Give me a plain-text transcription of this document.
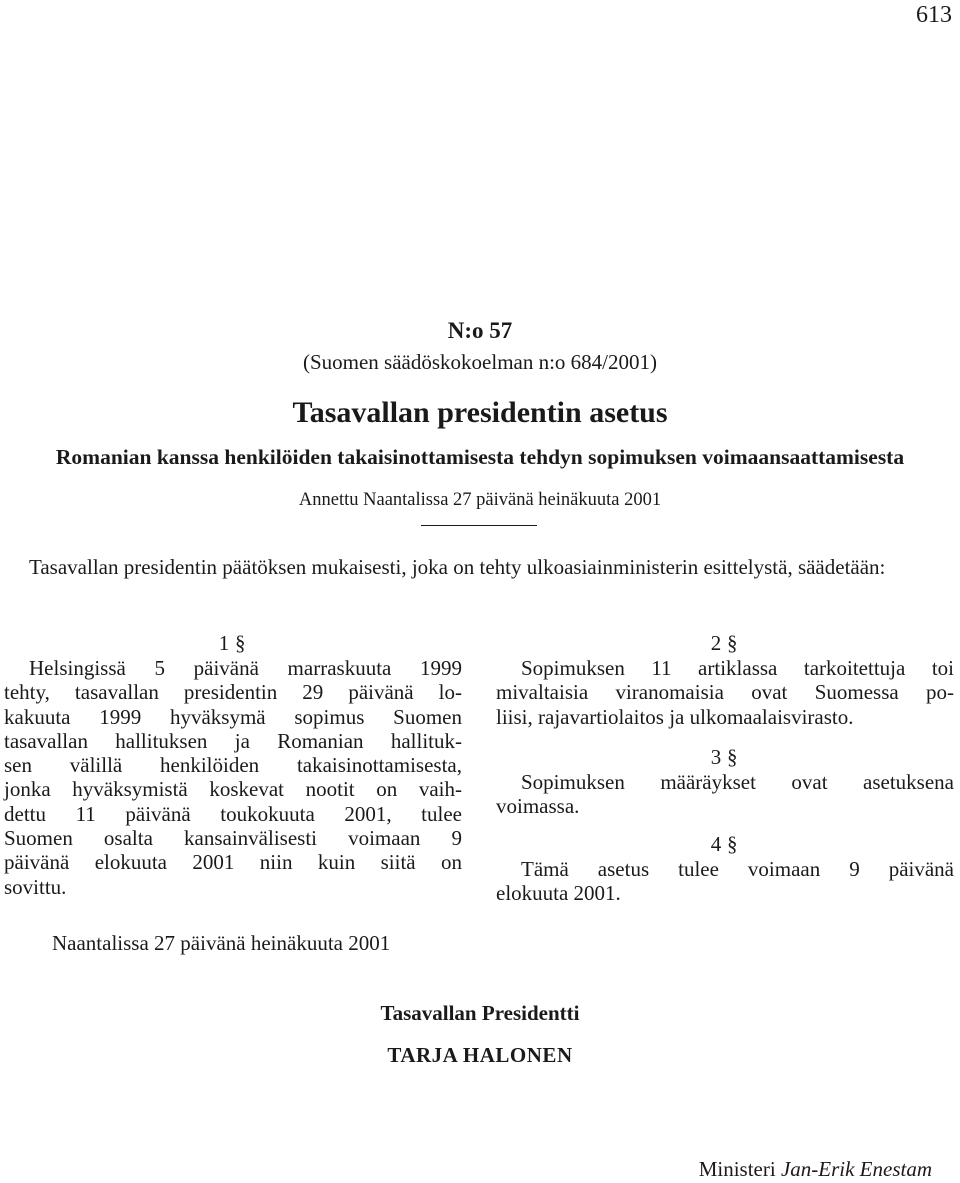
613
N:o 57
(Suomen säädöskokoelman n:o 684/2001)
Tasavallan presidentin asetus
Romanian kanssa henkilöiden takaisinottamisesta tehdyn sopimuksen voimaansaattamisesta
Annettu Naantalissa 27 päivänä heinäkuuta 2001
Tasavallan presidentin päätöksen mukaisesti, joka on tehty ulkoasiainministerin esittelystä, säädetään:
1 §
Helsingissä 5 päivänä marraskuuta 1999
tehty, tasavallan presidentin 29 päivänä lo-
kakuuta 1999 hyväksymä sopimus Suomen
tasavallan hallituksen ja Romanian hallituk-
sen välillä henkilöiden takaisinottamisesta,
jonka hyväksymistä koskevat nootit on vaih-
dettu 11 päivänä toukokuuta 2001, tulee
Suomen osalta kansainvälisesti voimaan 9
päivänä elokuuta 2001 niin kuin siitä on
sovittu.
2 §
Sopimuksen 11 artiklassa tarkoitettuja toi
mivaltaisia viranomaisia ovat Suomessa po-
liisi, rajavartiolaitos ja ulkomaalaisvirasto.
3 §
Sopimuksen määräykset ovat asetuksena
voimassa.
4 §
Tämä asetus tulee voimaan 9 päivänä
elokuuta 2001.
Naantalissa 27 päivänä heinäkuuta 2001
Tasavallan Presidentti
TARJA HALONEN
Ministeri Jan-Erik Enestam
